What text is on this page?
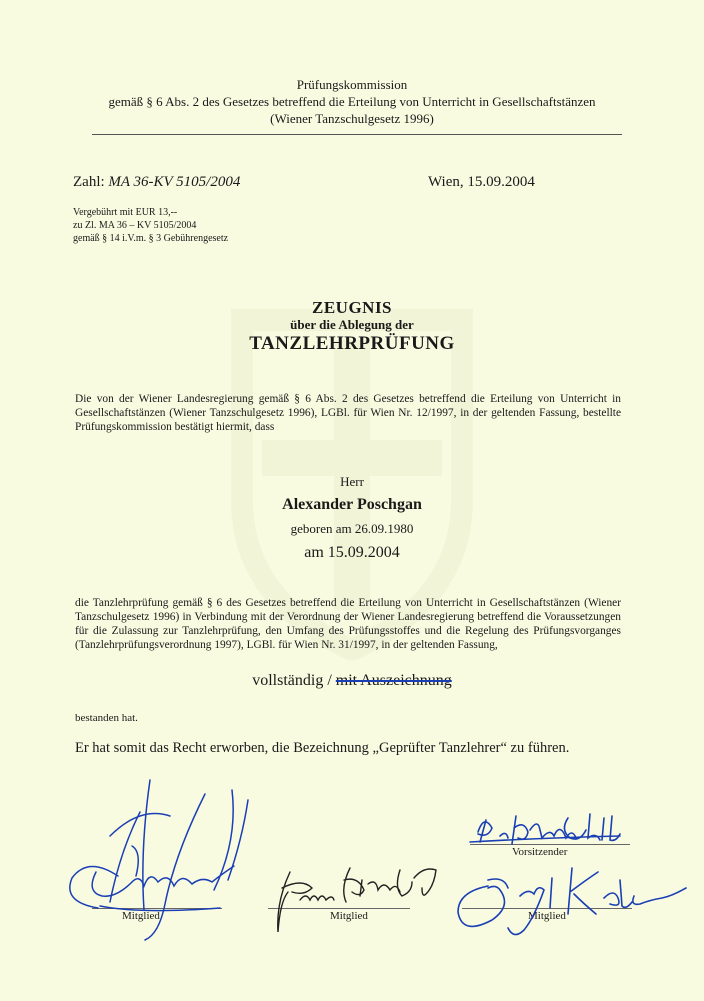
Prüfungskommission
gemäß § 6 Abs. 2 des Gesetzes betreffend die Erteilung von Unterricht in Gesellschaftstänzen
(Wiener Tanzschulgesetz 1996)
Zahl: MA 36-KV 5105/2004	Wien, 15.09.2004
Vergebührt mit EUR 13,--
zu Zl. MA 36 – KV 5105/2004
gemäß § 14 i.V.m. § 3 Gebührengesetz
ZEUGNIS
über die Ablegung der
TANZLEHRPRÜFUNG
Die von der Wiener Landesregierung gemäß § 6 Abs. 2 des Gesetzes betreffend die Erteilung von Unterricht in Gesellschaftstänzen (Wiener Tanzschulgesetz 1996), LGBl. für Wien Nr. 12/1997, in der geltenden Fassung, bestellte Prüfungskommission bestätigt hiermit, dass
Herr
Alexander Poschgan
geboren am 26.09.1980
am 15.09.2004
die Tanzlehrprüfung gemäß § 6 des Gesetzes betreffend die Erteilung von Unterricht in Gesellschaftstänzen (Wiener Tanzschulgesetz 1996) in Verbindung mit der Verordnung der Wiener Landesregierung betreffend die Voraussetzungen für die Zulassung zur Tanzlehrprüfung, den Umfang des Prüfungsstoffes und die Regelung des Prüfungsvorganges (Tanzlehrprüfungsverordnung 1997), LGBl. für Wien Nr. 31/1997, in der geltenden Fassung,
vollständig / mit Auszeichnung
bestanden hat.
Er hat somit das Recht erworben, die Bezeichnung „Geprüfter Tanzlehrer“ zu führen.
Vorsitzender
Mitglied	Mitglied	Mitglied
